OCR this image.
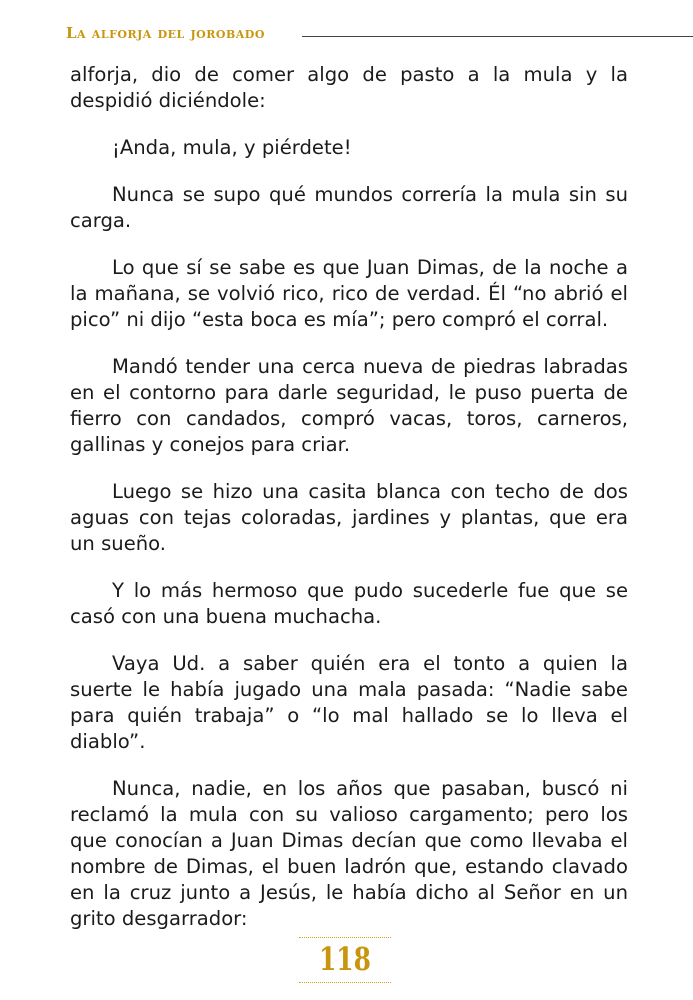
La alforja del jorobado

alforja, dio de comer algo de pasto a la mula y la despidió diciéndole:

¡Anda, mula, y piérdete!

Nunca se supo qué mundos correría la mula sin su carga.

Lo que sí se sabe es que Juan Dimas, de la noche a la mañana, se volvió rico, rico de verdad. Él “no abrió el pico” ni dijo “esta boca es mía”; pero compró el corral.

Mandó tender una cerca nueva de piedras labradas en el contorno para darle seguridad, le puso puerta de fierro con candados, compró vacas, toros, carneros, gallinas y conejos para criar.

Luego se hizo una casita blanca con techo de dos aguas con tejas coloradas, jardines y plantas, que era un sueño.

Y lo más hermoso que pudo sucederle fue que se casó con una buena muchacha.

Vaya Ud. a saber quién era el tonto a quien la suerte le había jugado una mala pasada: “Nadie sabe para quién trabaja” o “lo mal hallado se lo lleva el diablo”.

Nunca, nadie, en los años que pasaban, buscó ni reclamó la mula con su valioso cargamento; pero los que conocían a Juan Dimas decían que como llevaba el nombre de Dimas, el buen ladrón que, estando clavado en la cruz junto a Jesús, le había dicho al Señor en un grito desgarrador:

118
